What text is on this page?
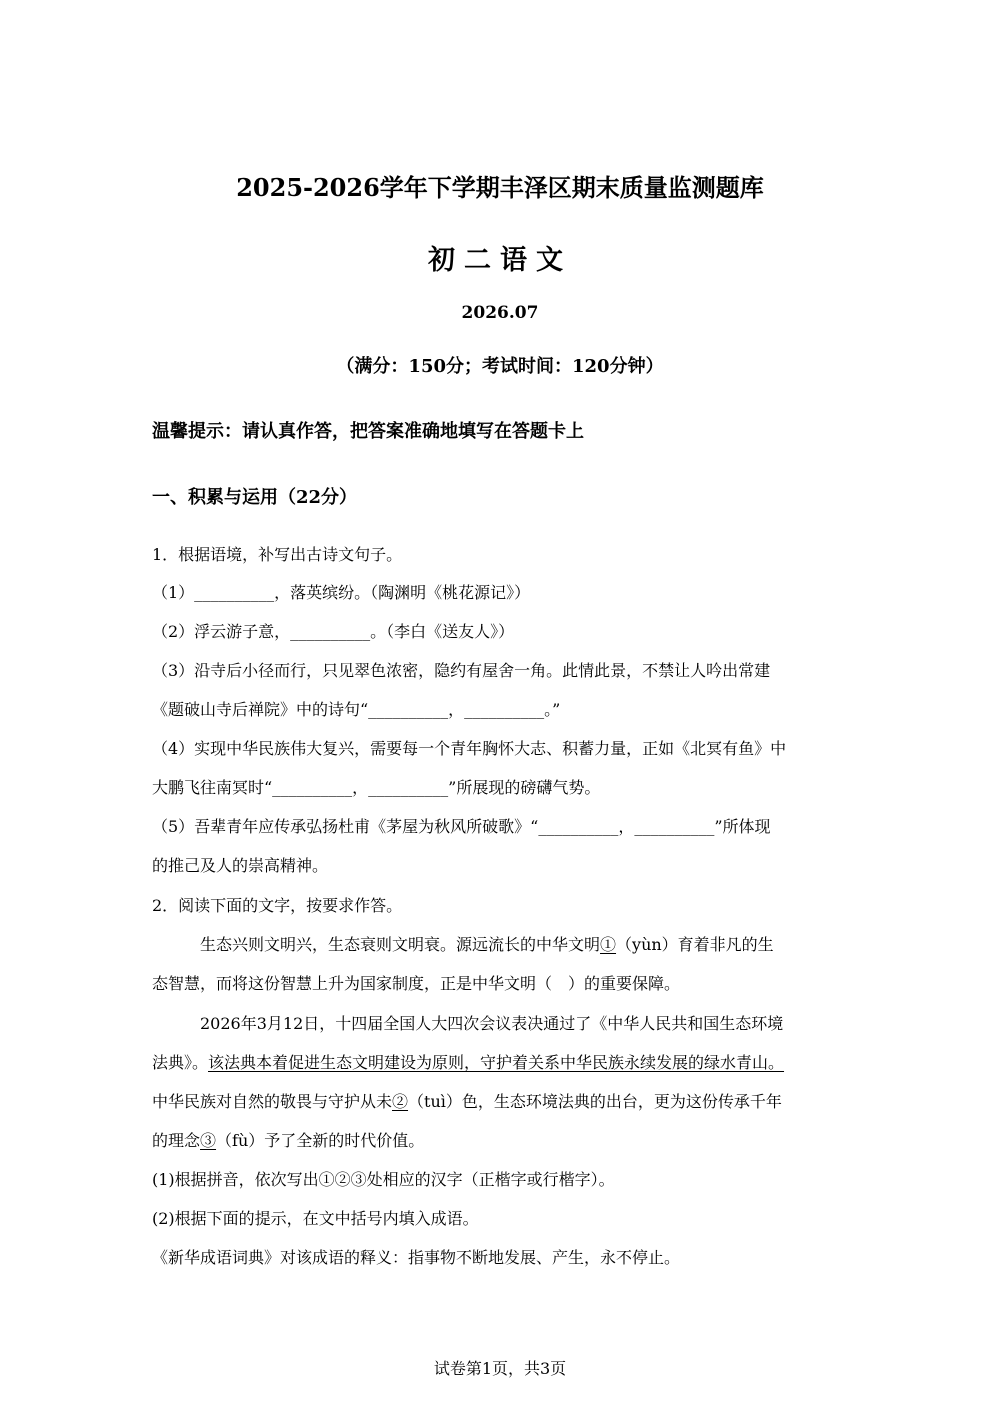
2025-2026学年下学期丰泽区期末质量监测题库
初二语文
2026.07
（满分：150分；考试时间：120分钟）
温馨提示：请认真作答，把答案准确地填写在答题卡上
一、积累与运用（22分）
1．根据语境，补写出古诗文句子。
（1）__________，落英缤纷。（陶渊明《桃花源记》）
（2）浮云游子意，__________。（李白《送友人》）
（3）沿寺后小径而行，只见翠色浓密，隐约有屋舍一角。此情此景，不禁让人吟出常建
《题破山寺后禅院》中的诗句“__________，__________。”
（4）实现中华民族伟大复兴，需要每一个青年胸怀大志、积蓄力量，正如《北冥有鱼》中
大鹏飞往南冥时“__________，__________”所展现的磅礴气势。
（5）吾辈青年应传承弘扬杜甫《茅屋为秋风所破歌》“__________，__________”所体现
的推己及人的崇高精神。
2．阅读下面的文字，按要求作答。
生态兴则文明兴，生态衰则文明衰。源远流长的中华文明①（yùn）育着非凡的生
态智慧，而将这份智慧上升为国家制度，正是中华文明（　）的重要保障。
2026年3月12日，十四届全国人大四次会议表决通过了《中华人民共和国生态环境
法典》。该法典本着促进生态文明建设为原则，守护着关系中华民族永续发展的绿水青山。
中华民族对自然的敬畏与守护从未②（tuì）色，生态环境法典的出台，更为这份传承千年
的理念③（fù）予了全新的时代价值。
(1)根据拼音，依次写出①②③处相应的汉字（正楷字或行楷字）。
(2)根据下面的提示，在文中括号内填入成语。
《新华成语词典》对该成语的释义：指事物不断地发展、产生，永不停止。
试卷第1页，共3页
